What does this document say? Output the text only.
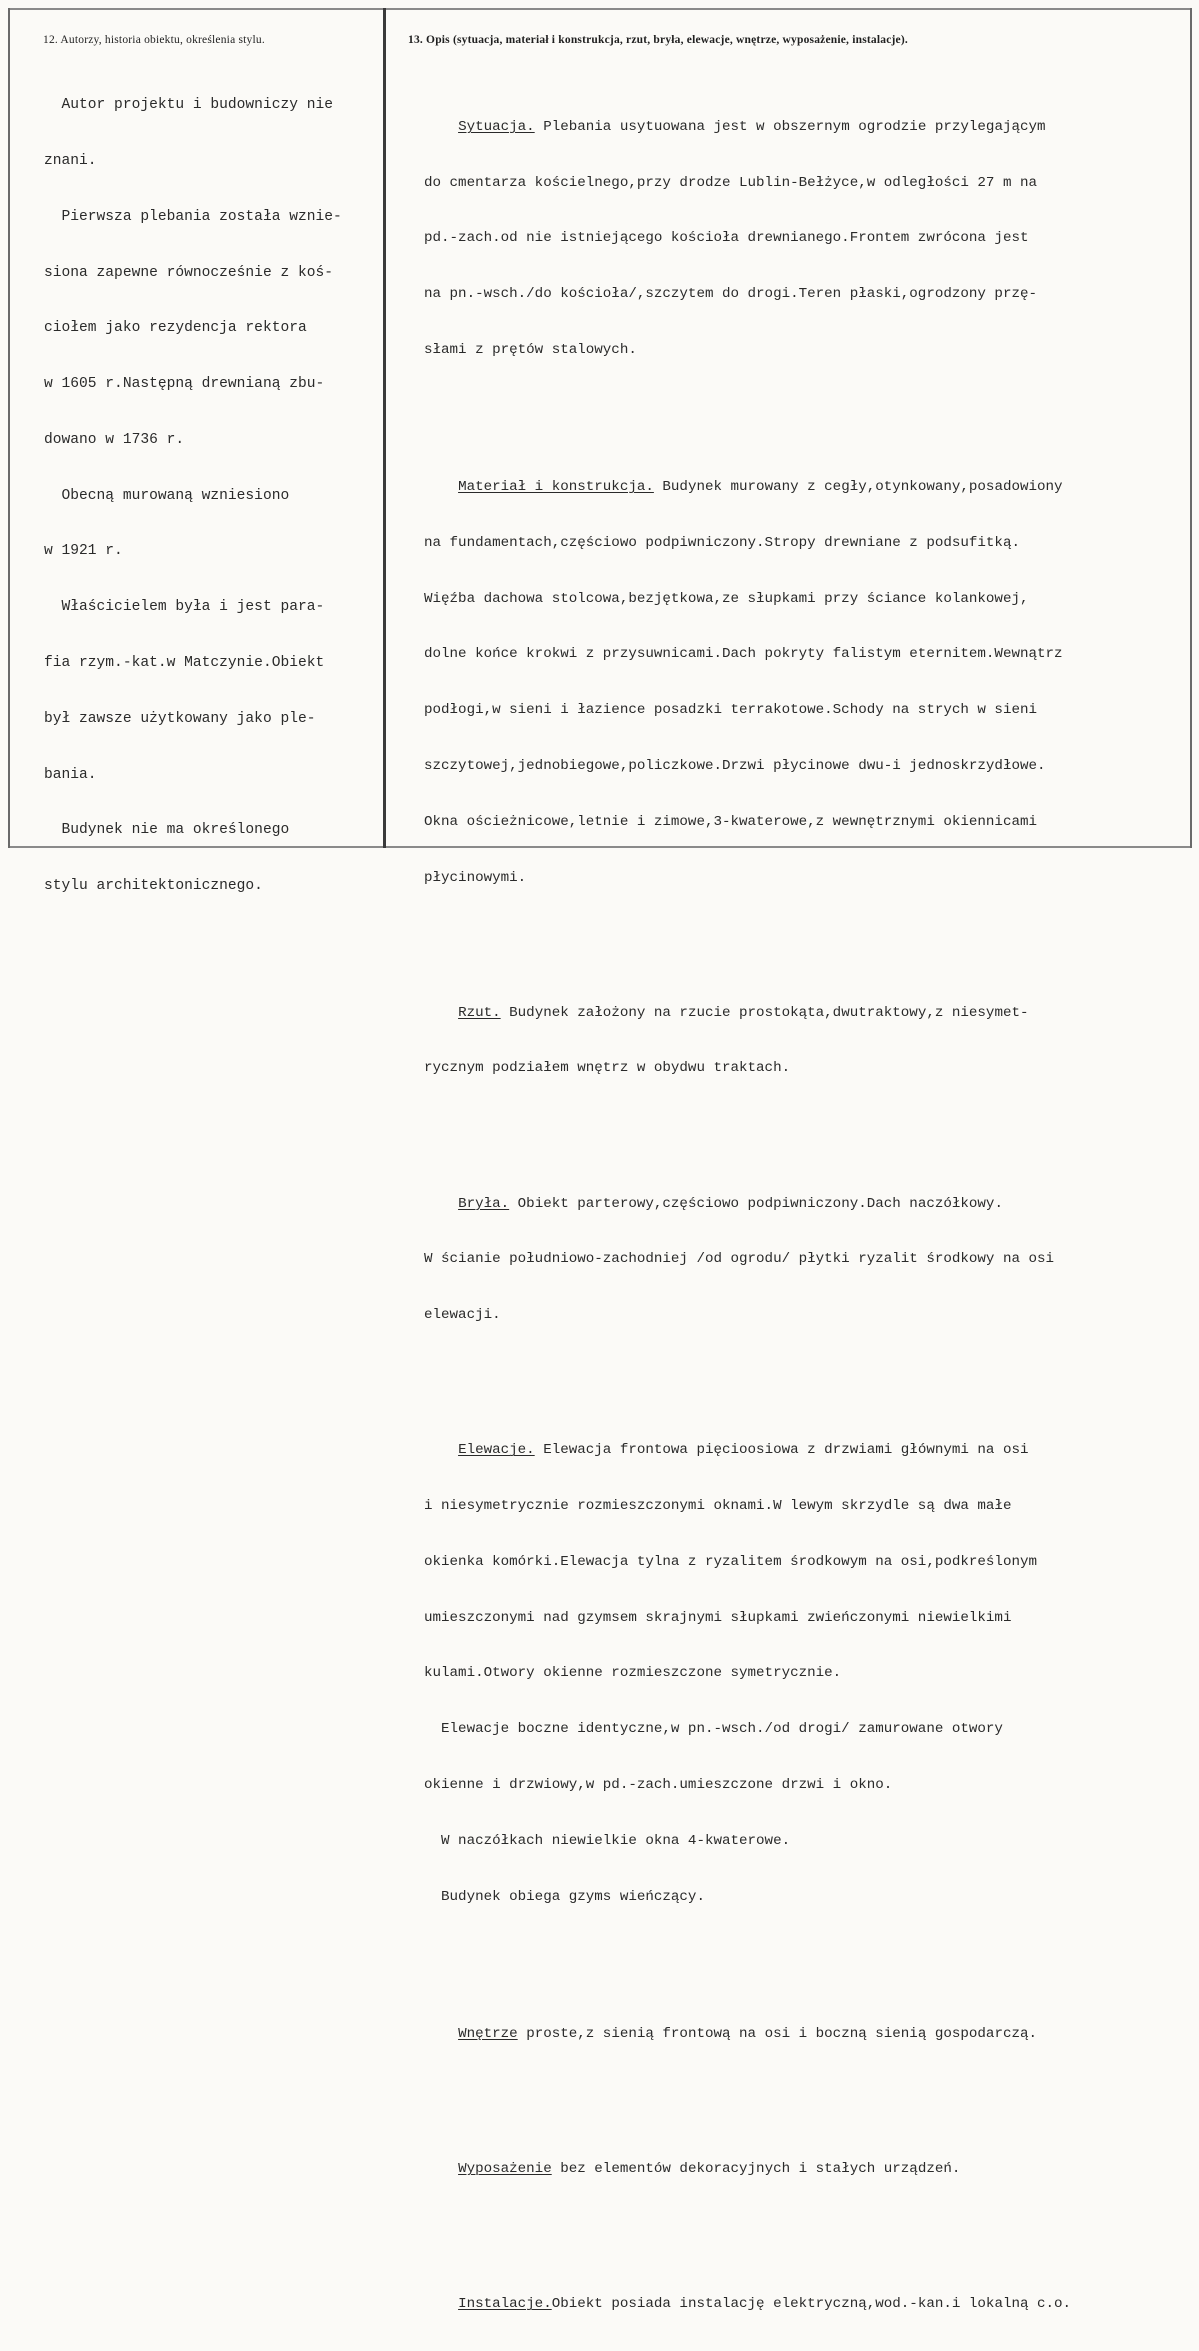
12. Autorzy, historia obiektu, określenia stylu.

Autor projektu i budowniczy nie

znani.

Pierwsza plebania została wznie-

siona zapewne równocześnie z koś-

ciołem jako rezydencja rektora

w 1605 r.Następną drewnianą zbu-

dowano w 1736 r.

Obecną murowaną wzniesiono

w 1921 r.

Właścicielem była i jest para-

fia rzym.-kat.w Matczynie.Obiekt

był zawsze użytkowany jako ple-

bania.

Budynek nie ma określonego

stylu architektonicznego.

13. Opis (sytuacja, materiał i konstrukcja, rzut, bryła, elewacje, wnętrze, wyposażenie, instalacje).

Sytuacja. Plebania usytuowana jest w obszernym ogrodzie przylegającym

do cmentarza kościelnego,przy drodze Lublin-Bełżyce,w odległości 27 m na

pd.-zach.od nie istniejącego kościoła drewnianego.Frontem zwrócona jest

na pn.-wsch./do kościoła/,szczytem do drogi.Teren płaski,ogrodzony przę-

słami z prętów stalowych.

Materiał i konstrukcja. Budynek murowany z cegły,otynkowany,posadowiony

na fundamentach,częściowo podpiwniczony.Stropy drewniane z podsufitką.

Więźba dachowa stolcowa,bezjętkowa,ze słupkami przy ściance kolankowej,

dolne końce krokwi z przysuwnicami.Dach pokryty falistym eternitem.Wewnątrz

podłogi,w sieni i łazience posadzki terrakotowe.Schody na strych w sieni

szczytowej,jednobiegowe,policzkowe.Drzwi płycinowe dwu-i jednoskrzydłowe.

Okna ościeżnicowe,letnie i zimowe,3-kwaterowe,z wewnętrznymi okiennicami

płycinowymi.

Rzut. Budynek założony na rzucie prostokąta,dwutraktowy,z niesymet-

rycznym podziałem wnętrz w obydwu traktach.

Bryła. Obiekt parterowy,częściowo podpiwniczony.Dach naczółkowy.

W ścianie południowo-zachodniej /od ogrodu/ płytki ryzalit środkowy na osi

elewacji.

Elewacje. Elewacja frontowa pięcioosiowa z drzwiami głównymi na osi

i niesymetrycznie rozmieszczonymi oknami.W lewym skrzydle są dwa małe

okienka komórki.Elewacja tylna z ryzalitem środkowym na osi,podkreślonym

umieszczonymi nad gzymsem skrajnymi słupkami zwieńczonymi niewielkimi

kulami.Otwory okienne rozmieszczone symetrycznie.

Elewacje boczne identyczne,w pn.-wsch./od drogi/ zamurowane otwory

okienne i drzwiowy,w pd.-zach.umieszczone drzwi i okno.

W naczółkach niewielkie okna 4-kwaterowe.

Budynek obiega gzyms wieńczący.

Wnętrze proste,z sienią frontową na osi i boczną sienią gospodarczą.

Wyposażenie bez elementów dekoracyjnych i stałych urządzeń.

Instalacje.Obiekt posiada instalację elektryczną,wod.-kan.i lokalną c.o.
